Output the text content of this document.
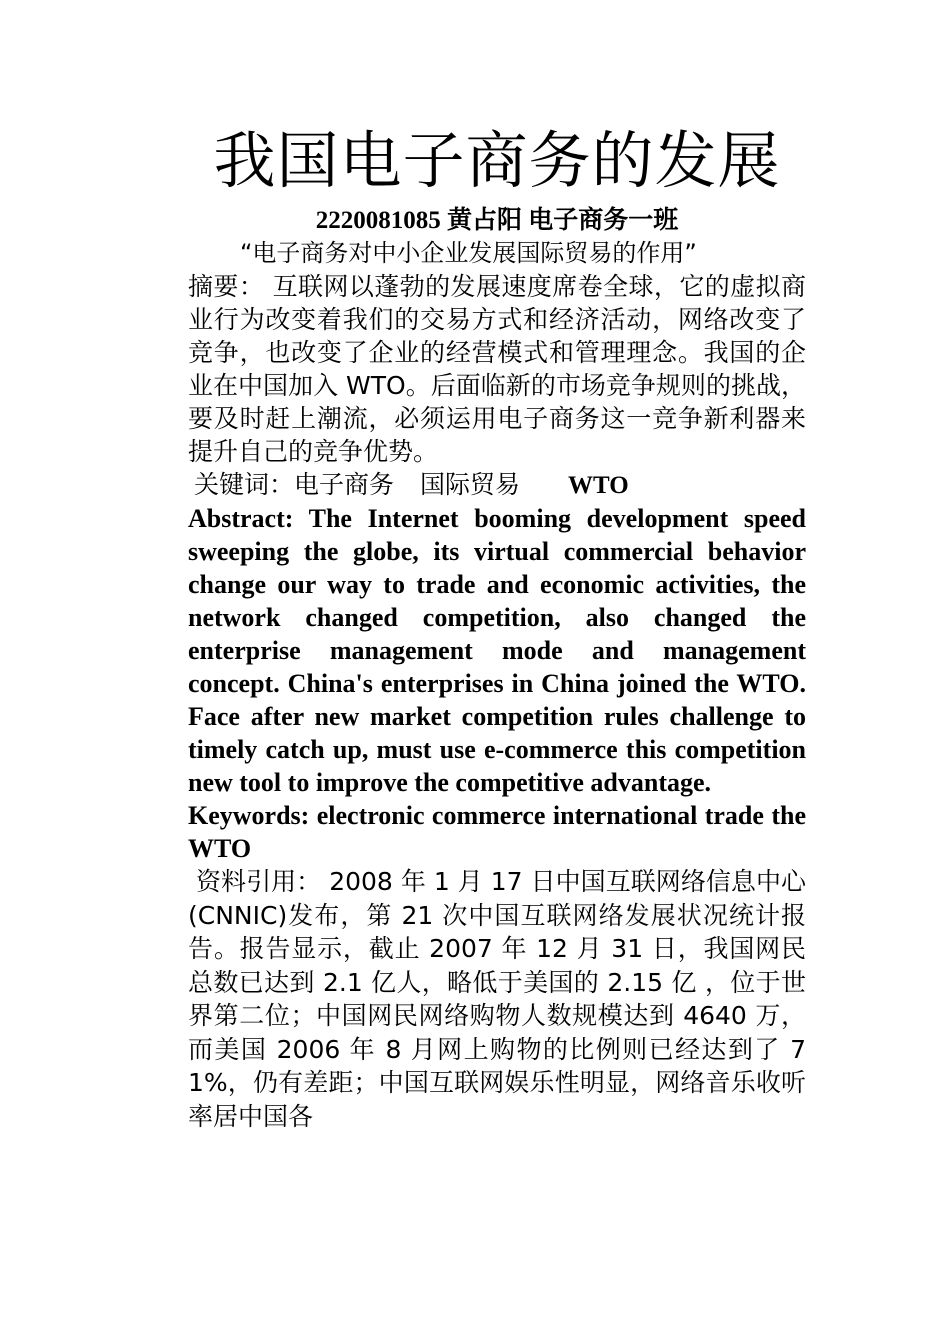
我国电子商务的发展
2220081085 黄占阳 电子商务一班
“电子商务对中小企业发展国际贸易的作用”

摘要： 互联网以蓬勃的发展速度席卷全球，它的虚拟商业行为改变着我们的交易方式和经济活动，网络改变了竞争，也改变了企业的经营模式和管理理念。我国的企业在中国加入 WTO。后面临新的市场竞争规则的挑战，要及时赶上潮流，必须运用电子商务这一竞争新利器来提升自己的竞争优势。

关键词：电子商务 国际贸易 WTO

Abstract: The Internet booming development speed sweeping the globe, its virtual commercial behavior change our way to trade and economic activities, the network changed competition, also changed the enterprise management mode and management concept. China's enterprises in China joined the WTO. Face after new market competition rules challenge to timely catch up, must use e-commerce this competition new tool to improve the competitive advantage.

Keywords: electronic commerce international trade the WTO

资料引用： 2008 年 1 月 17 日中国互联网络信息中心(CNNIC)发布，第 21 次中国互联网络发展状况统计报告。报告显示，截止 2007 年 12 月 31 日，我国网民总数已达到 2.1 亿人，略低于美国的 2.15 亿 ，位于世界第二位；中国网民网络购物人数规模达到 4640 万，而美国 2006 年 8 月网上购物的比例则已经达到了 71%，仍有差距；中国互联网娱乐性明显，网络音乐收听率居中国各
